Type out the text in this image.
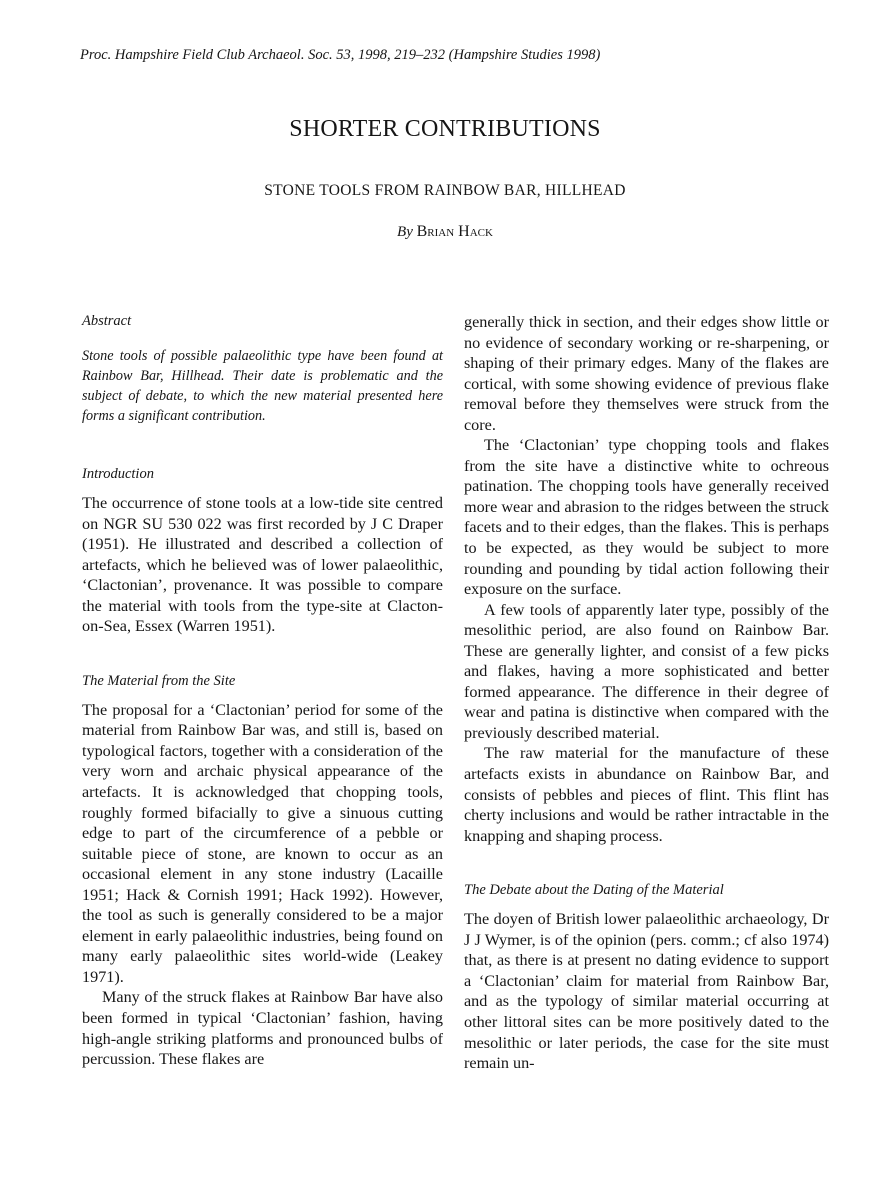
Proc. Hampshire Field Club Archaeol. Soc. 53, 1998, 219–232 (Hampshire Studies 1998)
SHORTER CONTRIBUTIONS
STONE TOOLS FROM RAINBOW BAR, HILLHEAD
By Brian Hack
Abstract

Stone tools of possible palaeolithic type have been found at Rainbow Bar, Hillhead. Their date is problematic and the subject of debate, to which the new material presented here forms a significant contribution.

Introduction

The occurrence of stone tools at a low-tide site centred on NGR SU 530 022 was first recorded by J C Draper (1951). He illustrated and described a collection of artefacts, which he believed was of lower palaeolithic, ‘Clactonian’, provenance. It was possible to compare the material with tools from the type-site at Clacton-on-Sea, Essex (Warren 1951).

The Material from the Site

The proposal for a ‘Clactonian’ period for some of the material from Rainbow Bar was, and still is, based on typological factors, together with a consideration of the very worn and archaic physical appearance of the artefacts. It is acknowledged that chopping tools, roughly formed bifacially to give a sinuous cutting edge to part of the circumference of a pebble or suitable piece of stone, are known to occur as an occasional element in any stone industry (Lacaille 1951; Hack & Cornish 1991; Hack 1992). However, the tool as such is generally considered to be a major element in early palaeolithic industries, being found on many early palaeolithic sites world-wide (Leakey 1971).

Many of the struck flakes at Rainbow Bar have also been formed in typical ‘Clactonian’ fashion, having high-angle striking platforms and pronounced bulbs of percussion. These flakes are

generally thick in section, and their edges show little or no evidence of secondary working or re-sharpening, or shaping of their primary edges. Many of the flakes are cortical, with some showing evidence of previous flake removal before they themselves were struck from the core.

The ‘Clactonian’ type chopping tools and flakes from the site have a distinctive white to ochreous patination. The chopping tools have generally received more wear and abrasion to the ridges between the struck facets and to their edges, than the flakes. This is perhaps to be expected, as they would be subject to more rounding and pounding by tidal action following their exposure on the surface.

A few tools of apparently later type, possibly of the mesolithic period, are also found on Rainbow Bar. These are generally lighter, and consist of a few picks and flakes, having a more sophisticated and better formed appearance. The difference in their degree of wear and patina is distinctive when compared with the previously described material.

The raw material for the manufacture of these artefacts exists in abundance on Rainbow Bar, and consists of pebbles and pieces of flint. This flint has cherty inclusions and would be rather intractable in the knapping and shaping process.

The Debate about the Dating of the Material

The doyen of British lower palaeolithic archaeology, Dr J J Wymer, is of the opinion (pers. comm.; cf also 1974) that, as there is at present no dating evidence to support a ‘Clactonian’ claim for material from Rainbow Bar, and as the typology of similar material occurring at other littoral sites can be more positively dated to the mesolithic or later periods, the case for the site must remain un-
